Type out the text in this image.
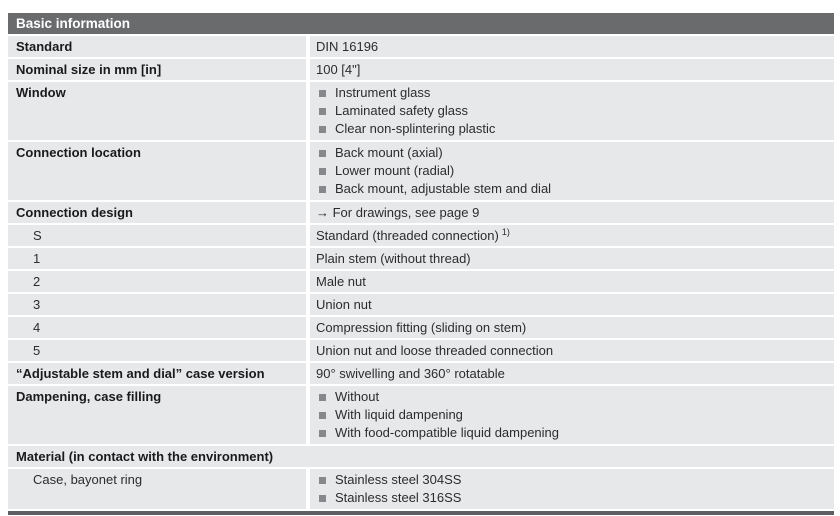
Basic information
Standard	DIN 16196
Nominal size in mm [in]	100 [4"]
Window	Instrument glass
Laminated safety glass
Clear non-splintering plastic
Connection location	Back mount (axial)
Lower mount (radial)
Back mount, adjustable stem and dial
Connection design	→ For drawings, see page 9
S	Standard (threaded connection) $^{1)}$
1	Plain stem (without thread)
2	Male nut
3	Union nut
4	Compression fitting (sliding on stem)
5	Union nut and loose threaded connection
“Adjustable stem and dial” case version	90° swivelling and 360° rotatable
Dampening, case filling	Without
With liquid dampening
With food-compatible liquid dampening
Material (in contact with the environment)
Case, bayonet ring	Stainless steel 304SS
Stainless steel 316SS
